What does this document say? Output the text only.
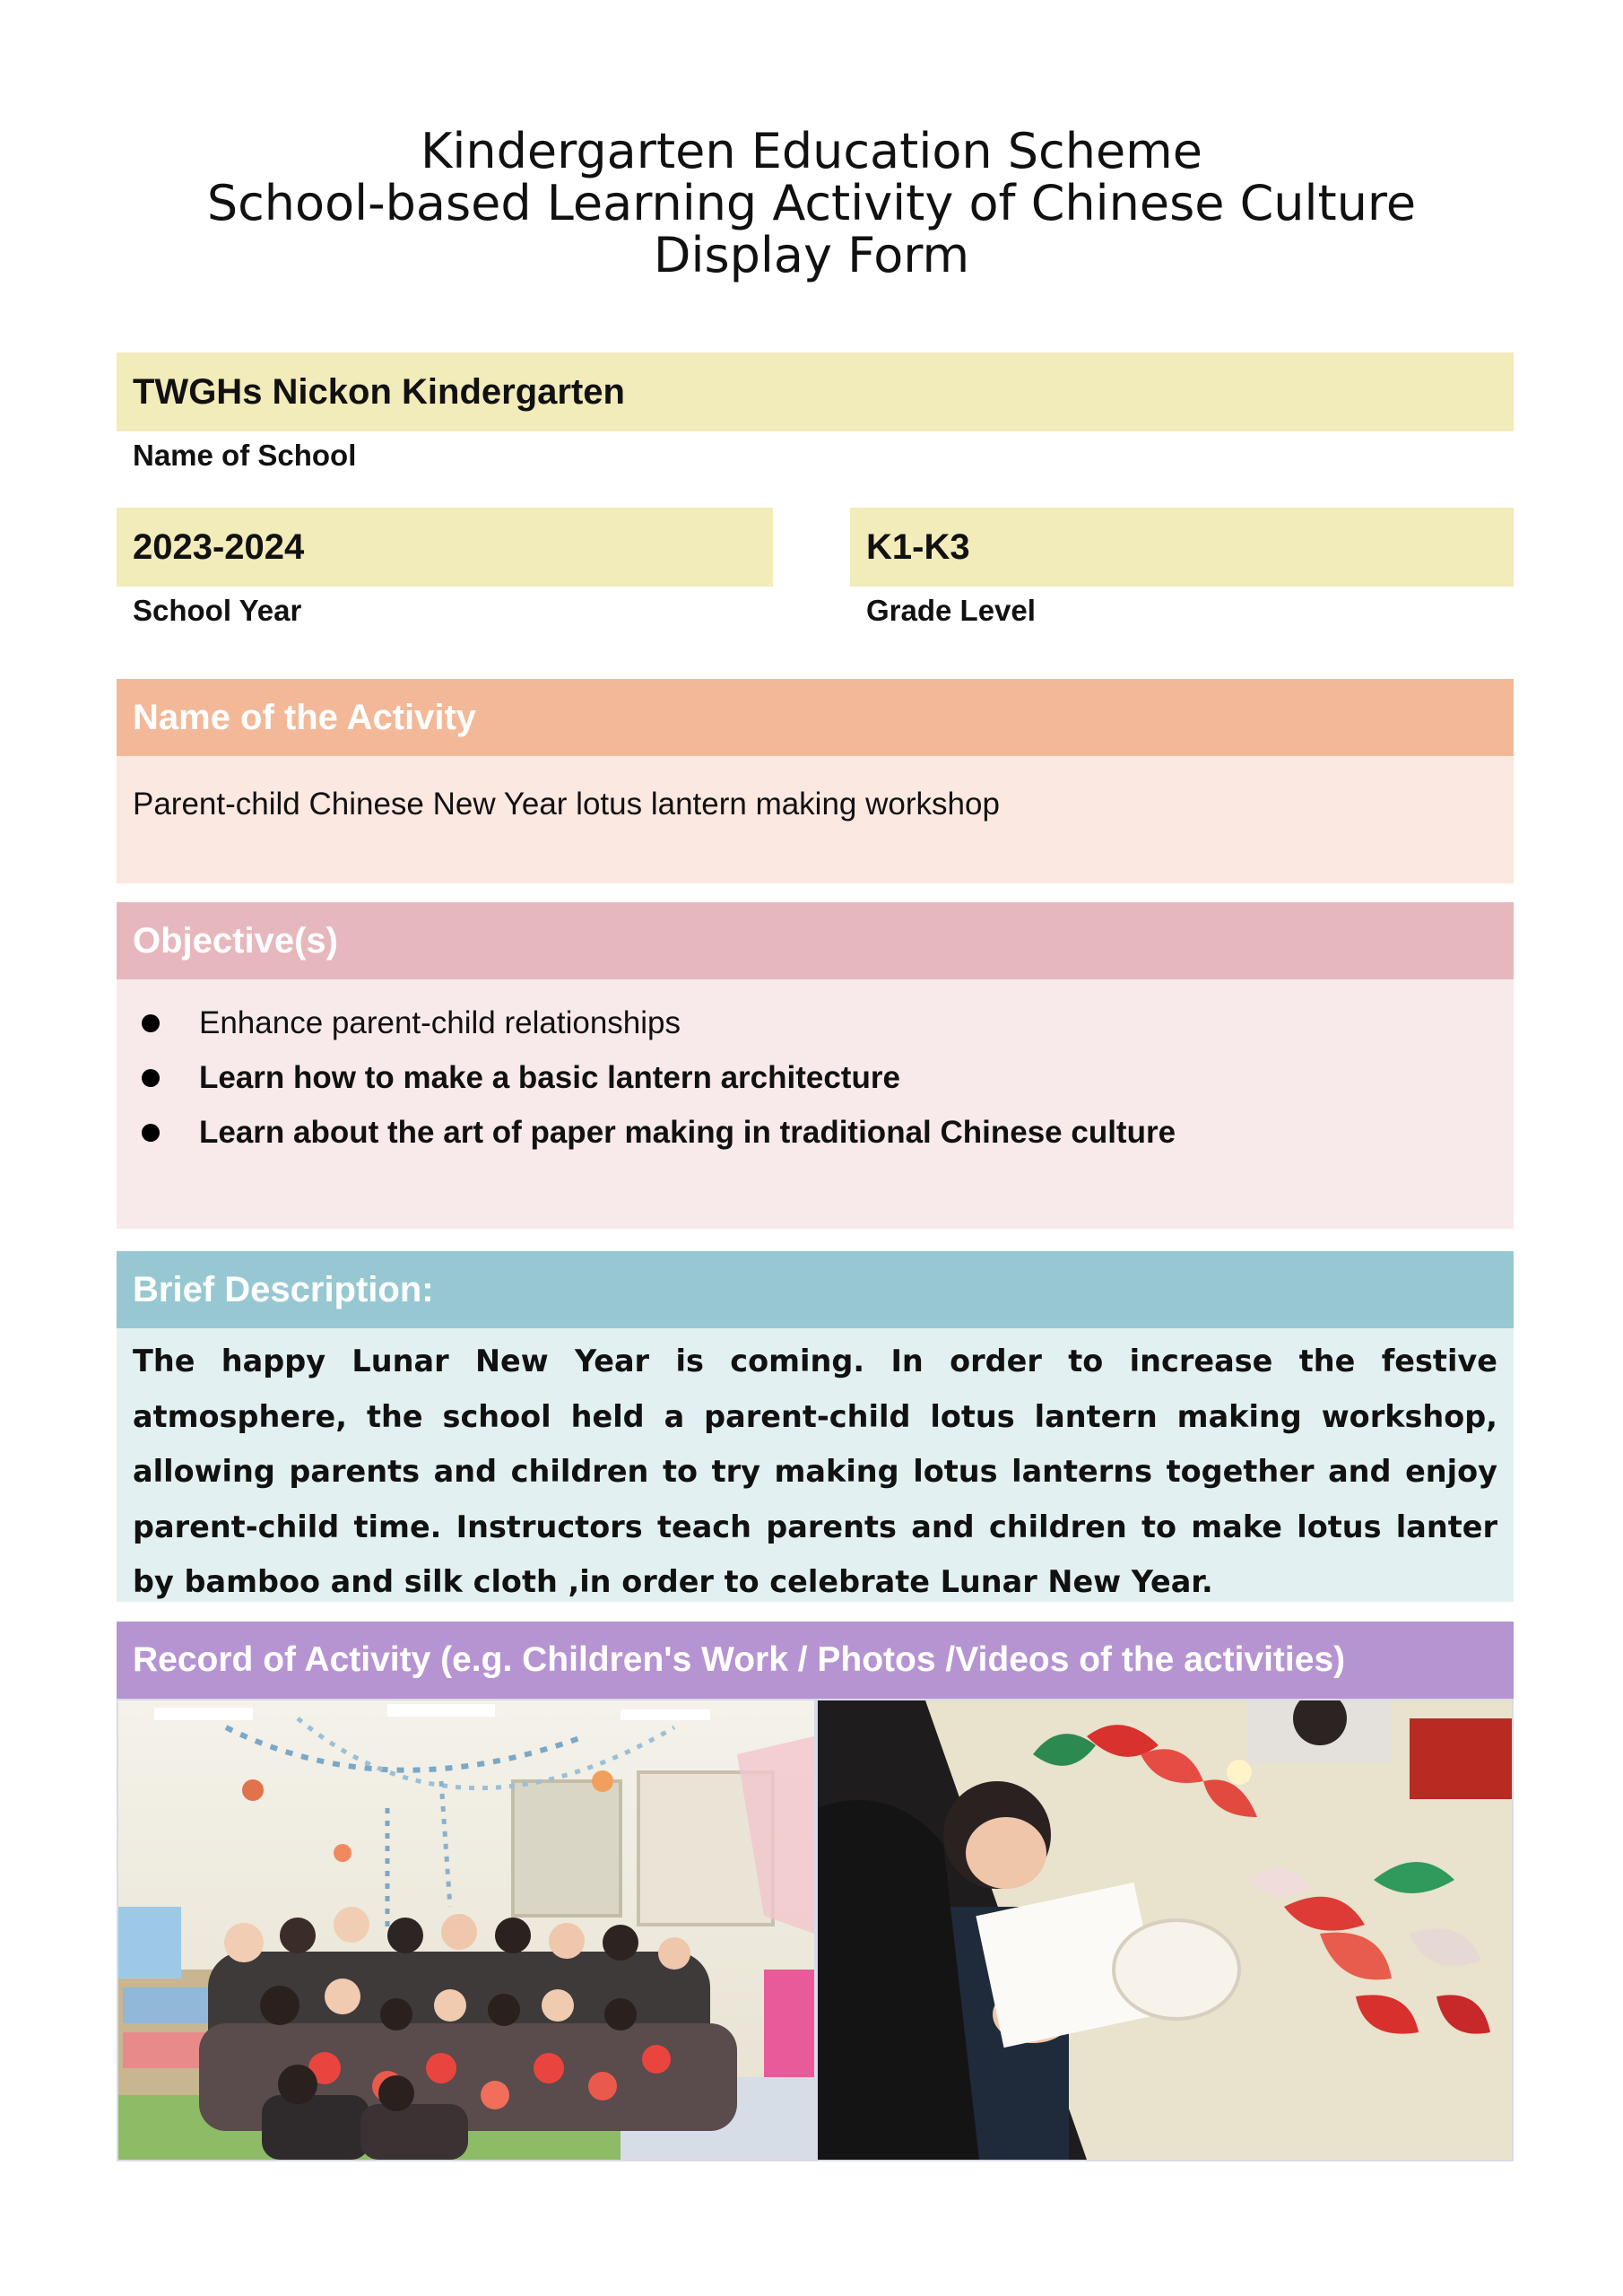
Kindergarten Education Scheme
School-based Learning Activity of Chinese Culture
Display Form
TWGHs Nickon Kindergarten
Name of School
2023-2024
School Year
K1-K3
Grade Level
Name of the Activity
Parent-child Chinese New Year lotus lantern making workshop
Objective(s)
Enhance parent-child relationships
Learn how to make a basic lantern architecture
Learn about the art of paper making in traditional Chinese culture
Brief Description:

The happy Lunar New Year is coming. In order to increase the festive atmosphere, the school held a parent-child lotus lantern making workshop, allowing parents and children to try making lotus lanterns together and enjoy parent-child time. Instructors teach parents and children to make lotus lanter by bamboo and silk cloth ,in order to celebrate Lunar New Year.

Record of Activity (e.g. Children's Work / Photos /Videos of the activities)
